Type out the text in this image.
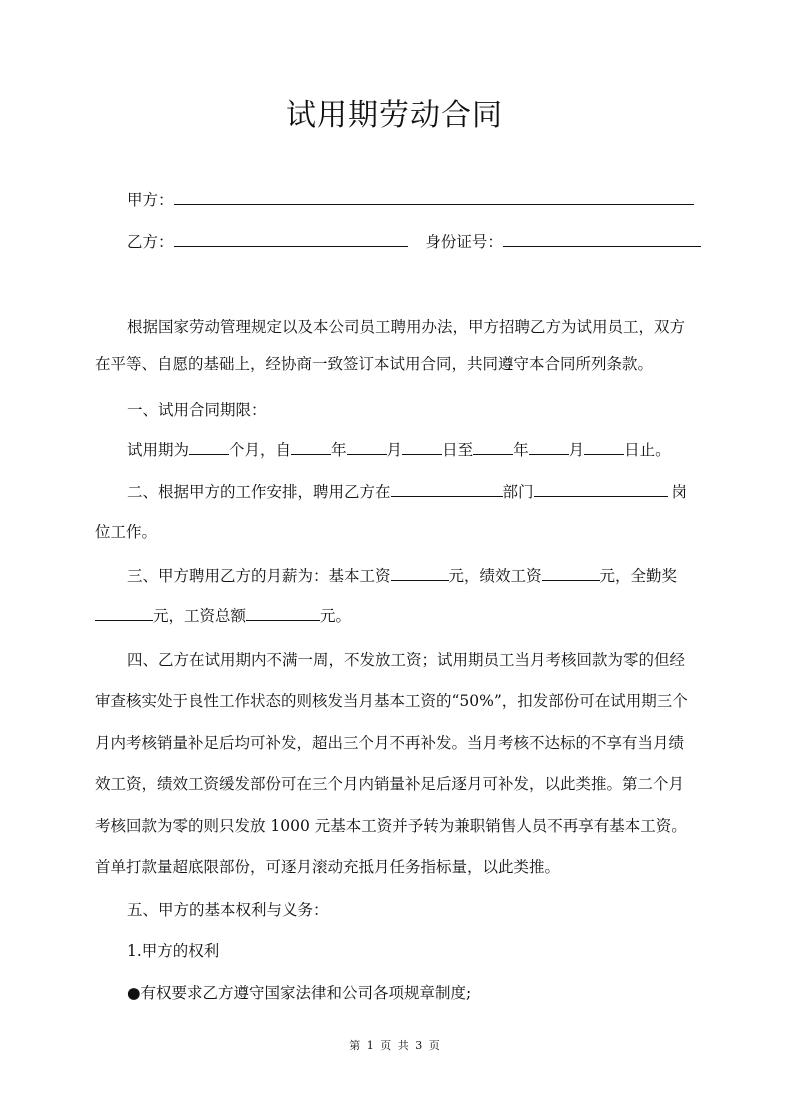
试用期劳动合同
甲方：
乙方：	身份证号：
根据国家劳动管理规定以及本公司员工聘用办法，甲方招聘乙方为试用员工，双方
在平等、自愿的基础上，经协商一致签订本试用合同，共同遵守本合同所列条款。
一、试用合同期限：
试用期为	个月，自	年	月	日至	年	月	日止。
二、根据甲方的工作安排，聘用乙方在	部门	岗
位工作。
三、甲方聘用乙方的月薪为：基本工资	元，绩效工资	元，全勤奖
元，工资总额	元。
四、乙方在试用期内不满一周，不发放工资；试用期员工当月考核回款为零的但经
审查核实处于良性工作状态的则核发当月基本工资的“50%”，扣发部份可在试用期三个
月内考核销量补足后均可补发，超出三个月不再补发。当月考核不达标的不享有当月绩
效工资，绩效工资缓发部份可在三个月内销量补足后逐月可补发，以此类推。第二个月
考核回款为零的则只发放 1000 元基本工资并予转为兼职销售人员不再享有基本工资。
首单打款量超底限部份，可逐月滚动充抵月任务指标量，以此类推。
五、甲方的基本权利与义务：
1.甲方的权利
●有权要求乙方遵守国家法律和公司各项规章制度;
第 1 页 共 3 页
